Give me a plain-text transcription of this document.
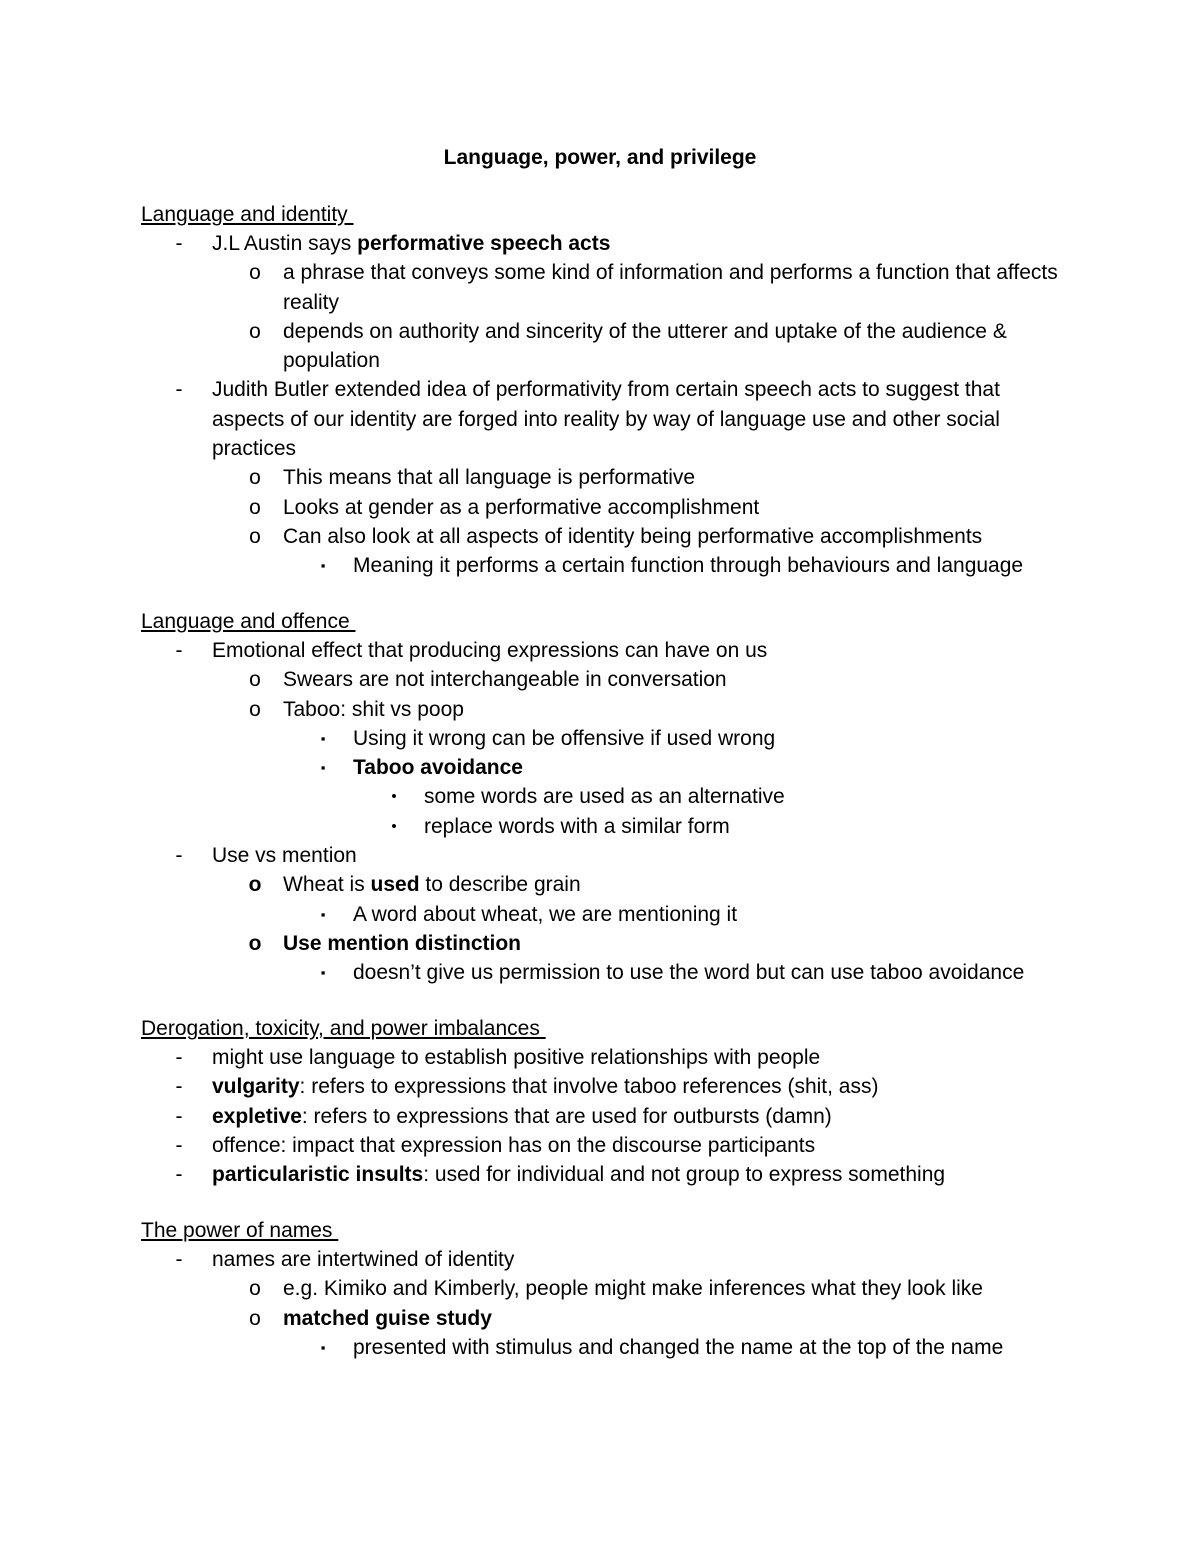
Language, power, and privilege
Language and identity
-	J.L Austin says performative speech acts
o a phrase that conveys some kind of information and performs a function that affects reality
o depends on authority and sincerity of the utterer and uptake of the audience & population
-	Judith Butler extended idea of performativity from certain speech acts to suggest that aspects of our identity are forged into reality by way of language use and other social practices
o This means that all language is performative
o Looks at gender as a performative accomplishment
o Can also look at all aspects of identity being performative accomplishments
▪	Meaning it performs a certain function through behaviours and language
Language and offence
-	Emotional effect that producing expressions can have on us
o Swears are not interchangeable in conversation
o Taboo: shit vs poop
▪	Using it wrong can be offensive if used wrong
▪	Taboo avoidance
•	some words are used as an alternative
•	replace words with a similar form
-	Use vs mention
o Wheat is used to describe grain
▪	A word about wheat, we are mentioning it
o Use mention distinction
▪	doesn’t give us permission to use the word but can use taboo avoidance
Derogation, toxicity, and power imbalances
-	might use language to establish positive relationships with people
-	vulgarity: refers to expressions that involve taboo references (shit, ass)
-	expletive: refers to expressions that are used for outbursts (damn)
-	offence: impact that expression has on the discourse participants
-	particularistic insults: used for individual and not group to express something
The power of names
-	names are intertwined of identity
o e.g. Kimiko and Kimberly, people might make inferences what they look like
o matched guise study
▪	presented with stimulus and changed the name at the top of the name
